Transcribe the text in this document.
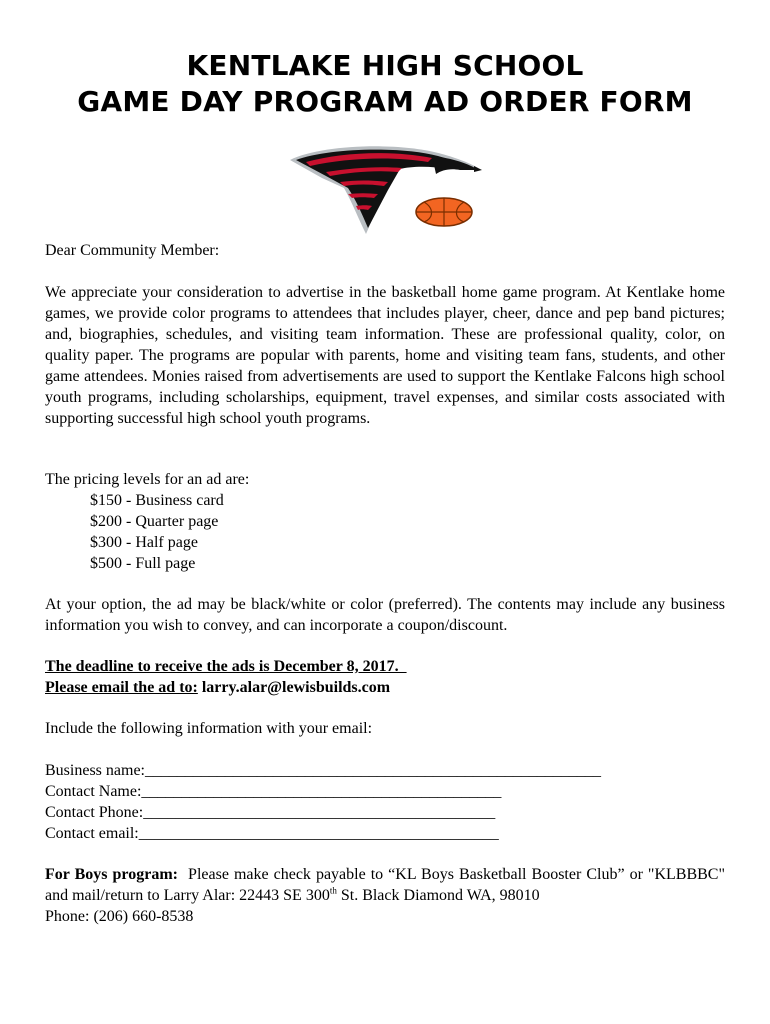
KENTLAKE HIGH SCHOOL
GAME DAY PROGRAM AD ORDER FORM
Dear Community Member:
We appreciate your consideration to advertise in the basketball home game program. At Kentlake home games, we provide color programs to attendees that includes player, cheer, dance and pep band pictures; and, biographies, schedules, and visiting team information. These are professional quality, color, on quality paper. The programs are popular with parents, home and visiting team fans, students, and other game attendees. Monies raised from advertisements are used to support the Kentlake Falcons high school youth programs, including scholarships, equipment, travel expenses, and similar costs associated with supporting successful high school youth programs.
The pricing levels for an ad are:
$150 - Business card
$200 - Quarter page
$300 - Half page
$500 - Full page
At your option, the ad may be black/white or color (preferred). The contents may include any business information you wish to convey, and can incorporate a coupon/discount.
The deadline to receive the ads is December 8, 2017.
Please email the ad to: larry.alar@lewisbuilds.com
Include the following information with your email:
Business name:_________________________________________________________
Contact Name:_____________________________________________
Contact Phone:____________________________________________
Contact email:_____________________________________________
For Boys program:  Please make check payable to “KL Boys Basketball Booster Club” or "KLBBBC" and mail/return to Larry Alar: 22443 SE 300th St. Black Diamond WA, 98010
Phone: (206) 660-8538
